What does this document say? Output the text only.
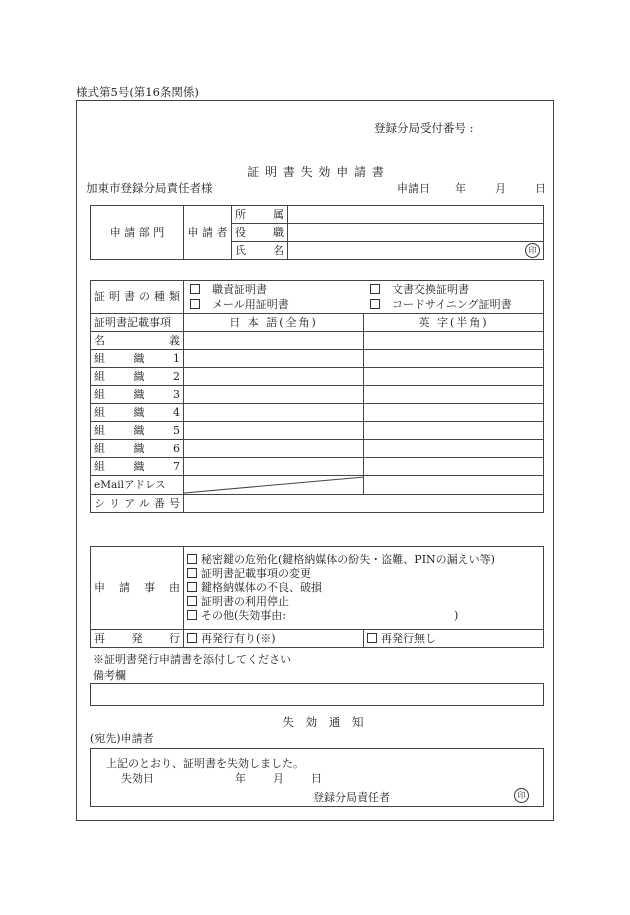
様式第5号(第16条関係)
登録分局受付番号 :
証 明 書 失 効 申 請 書
加東市登録分局責任者様	申請日 年	月	日
申 請 部 門	申 請 者	所 属	
		役 職	
		氏 名	印
証明書の種類	職責証明書 文書交換証明書
メール用証明書 コードサイニング証明書	

証明書記載事項	日 本 語(全角)	英 字(半角)
名 義		
組 織 1		
組 織 2		
組 織 3		
組 織 4		
組 織 5		
組 織 6		
組 織 7		
eMailアドレス	

シリアル番号		
申 請 事 由	秘密鍵の危殆化(鍵格納媒体の紛失・盗難、PINの漏えい等)
証明書記載事項の変更
鍵格納媒体の不良、破損
証明書の利用停止
その他(失効事由: )	

再 発 行	再発行有り(※)	再発行無し
※証明書発行申請書を添付してください
備考欄
失 効 通 知
(宛先)申請者
上記のとおり、証明書を失効しました。
失効日	年 月 日
登録分局責任者	印
